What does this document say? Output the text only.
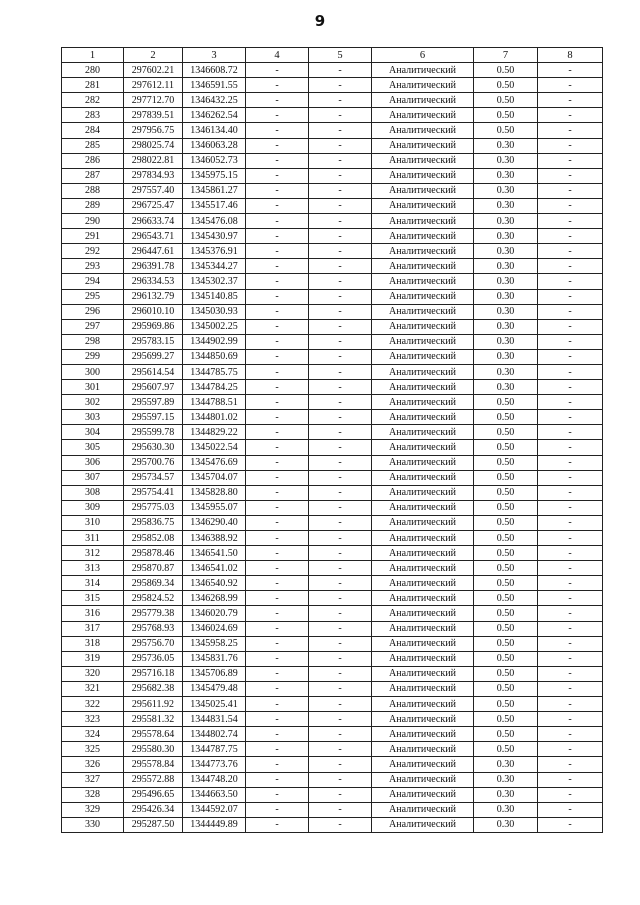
9
1	2	3	4	5	6	7	8
280	297602.21	1346608.72	-	-	Аналитический	0.50	-
281	297612.11	1346591.55	-	-	Аналитический	0.50	-
282	297712.70	1346432.25	-	-	Аналитический	0.50	-
283	297839.51	1346262.54	-	-	Аналитический	0.50	-
284	297956.75	1346134.40	-	-	Аналитический	0.50	-
285	298025.74	1346063.28	-	-	Аналитический	0.30	-
286	298022.81	1346052.73	-	-	Аналитический	0.30	-
287	297834.93	1345975.15	-	-	Аналитический	0.30	-
288	297557.40	1345861.27	-	-	Аналитический	0.30	-
289	296725.47	1345517.46	-	-	Аналитический	0.30	-
290	296633.74	1345476.08	-	-	Аналитический	0.30	-
291	296543.71	1345430.97	-	-	Аналитический	0.30	-
292	296447.61	1345376.91	-	-	Аналитический	0.30	-
293	296391.78	1345344.27	-	-	Аналитический	0.30	-
294	296334.53	1345302.37	-	-	Аналитический	0.30	-
295	296132.79	1345140.85	-	-	Аналитический	0.30	-
296	296010.10	1345030.93	-	-	Аналитический	0.30	-
297	295969.86	1345002.25	-	-	Аналитический	0.30	-
298	295783.15	1344902.99	-	-	Аналитический	0.30	-
299	295699.27	1344850.69	-	-	Аналитический	0.30	-
300	295614.54	1344785.75	-	-	Аналитический	0.30	-
301	295607.97	1344784.25	-	-	Аналитический	0.30	-
302	295597.89	1344788.51	-	-	Аналитический	0.50	-
303	295597.15	1344801.02	-	-	Аналитический	0.50	-
304	295599.78	1344829.22	-	-	Аналитический	0.50	-
305	295630.30	1345022.54	-	-	Аналитический	0.50	-
306	295700.76	1345476.69	-	-	Аналитический	0.50	-
307	295734.57	1345704.07	-	-	Аналитический	0.50	-
308	295754.41	1345828.80	-	-	Аналитический	0.50	-
309	295775.03	1345955.07	-	-	Аналитический	0.50	-
310	295836.75	1346290.40	-	-	Аналитический	0.50	-
311	295852.08	1346388.92	-	-	Аналитический	0.50	-
312	295878.46	1346541.50	-	-	Аналитический	0.50	-
313	295870.87	1346541.02	-	-	Аналитический	0.50	-
314	295869.34	1346540.92	-	-	Аналитический	0.50	-
315	295824.52	1346268.99	-	-	Аналитический	0.50	-
316	295779.38	1346020.79	-	-	Аналитический	0.50	-
317	295768.93	1346024.69	-	-	Аналитический	0.50	-
318	295756.70	1345958.25	-	-	Аналитический	0.50	-
319	295736.05	1345831.76	-	-	Аналитический	0.50	-
320	295716.18	1345706.89	-	-	Аналитический	0.50	-
321	295682.38	1345479.48	-	-	Аналитический	0.50	-
322	295611.92	1345025.41	-	-	Аналитический	0.50	-
323	295581.32	1344831.54	-	-	Аналитический	0.50	-
324	295578.64	1344802.74	-	-	Аналитический	0.50	-
325	295580.30	1344787.75	-	-	Аналитический	0.50	-
326	295578.84	1344773.76	-	-	Аналитический	0.30	-
327	295572.88	1344748.20	-	-	Аналитический	0.30	-
328	295496.65	1344663.50	-	-	Аналитический	0.30	-
329	295426.34	1344592.07	-	-	Аналитический	0.30	-
330	295287.50	1344449.89	-	-	Аналитический	0.30	-
